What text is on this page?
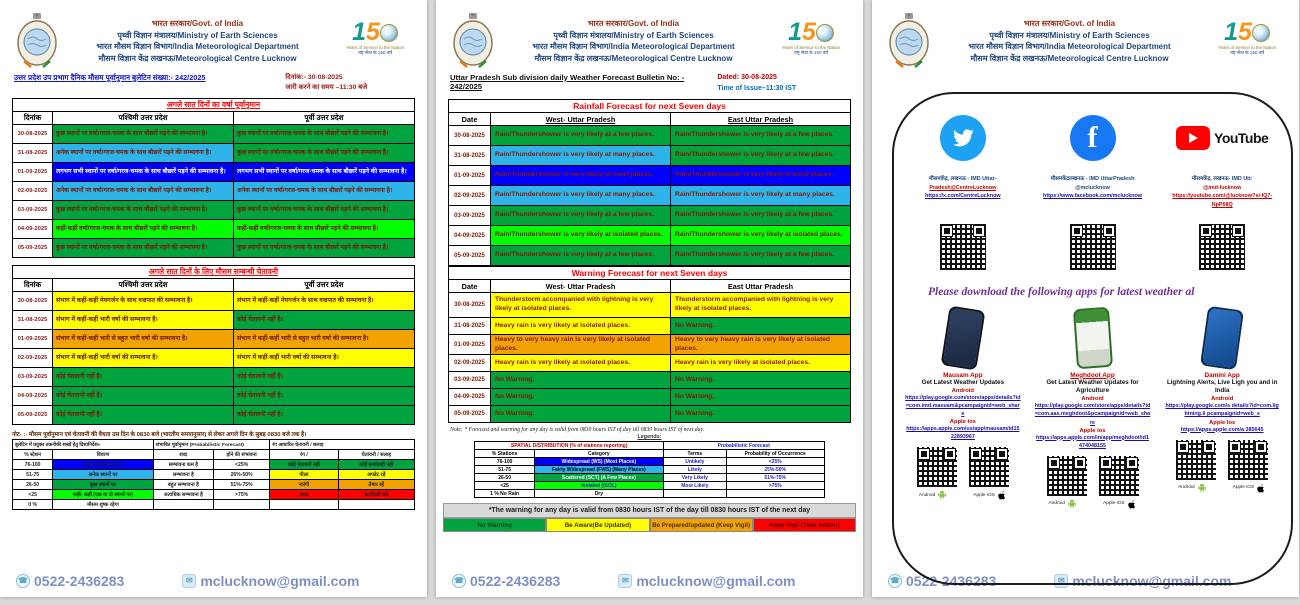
भारत सरकार/Govt. of India
पृथ्वी विज्ञान मंत्रालय/Ministry of Earth Sciences
भारत मौसम विज्ञान विभाग/India Meteorological Department
मौसम विज्ञान केंद्र लखनऊ/Meteorological Centre Lucknow
15
Years of Service to the Nation
राष्ट्र सेवा के 150 वर्ष
उत्तर प्रदेश उप प्रभाग दैनिक मौसम पूर्वानुमान बुलेटिन संख्या:- 242/2025	दिनांक:- 30-08-2025
जारी करने का समय –11:30 बजे
अगले सात दिनों का वर्षा पूर्वानुमान		
दिनांक	पश्चिमी उत्तर प्रदेश	पूर्वी उत्तर प्रदेश
30-08-2025	कुछ स्थानों पर वर्षा/गरज-चमक के साथ बौछारें पड़ने की सम्भावना है।	कुछ स्थानों पर वर्षा/गरज-चमक के साथ बौछारें पड़ने की सम्भावना है।
31-08-2025	अनेक स्थानों पर वर्षा/गरज-चमक के साथ बौछारें पड़ने की सम्भावना है।	कुछ स्थानों पर वर्षा/गरज-चमक के साथ बौछारें पड़ने की सम्भावना है।
01-09-2025	लगभग सभी स्थानों पर वर्षा/गरज-चमक के साथ बौछारें पड़ने की सम्भावना है।	लगभग सभी स्थानों पर वर्षा/गरज-चमक के साथ बौछारें पड़ने की सम्भावना है।
02-09-2025	अनेक स्थानों पर वर्षा/गरज-चमक के साथ बौछारें पड़ने की सम्भावना है।	अनेक स्थानों पर वर्षा/गरज-चमक के साथ बौछारें पड़ने की सम्भावना है।
03-09-2025	कुछ स्थानों पर वर्षा/गरज-चमक के साथ बौछारें पड़ने की सम्भावना है।	कुछ स्थानों पर वर्षा/गरज-चमक के साथ बौछारें पड़ने की सम्भावना है।
04-09-2025	कहीं-कहीं वर्षा/गरज-चमक के साथ बौछारें पड़ने की सम्भावना है।	कहीं-कहीं वर्षा/गरज-चमक के साथ बौछारें पड़ने की सम्भावना है।
05-09-2025	कुछ स्थानों पर वर्षा/गरज-चमक के साथ बौछारें पड़ने की सम्भावना है।	कुछ स्थानों पर वर्षा/गरज-चमक के साथ बौछारें पड़ने की सम्भावना है।
अगले सात दिनों के लिए मौसम सम्बन्धी चेतावनी		
दिनांक	पश्चिमी उत्तर प्रदेश	पूर्वी उत्तर प्रदेश
30-08-2025	संभाग में कहीं-कहीं मेघगर्जन के साथ वज्रपात की सम्भावना है।	संभाग में कहीं-कहीं मेघगर्जन के साथ वज्रपात की सम्भावना है।
31-08-2025	संभाग में कहीं-कहीं भारी वर्षा की सम्भावना है।	कोई चेतावनी नहीं है।
01-09-2025	संभाग में कहीं-कहीं भारी से बहुत भारी वर्षा की सम्भावना है।	संभाग में कहीं-कहीं भारी से बहुत भारी वर्षा की सम्भावना है।
02-09-2025	संभाग में कहीं-कहीं भारी वर्षा की सम्भावना है।	संभाग में कहीं-कहीं भारी वर्षा की सम्भावना है।
03-09-2025	कोई चेतावनी नहीं है।	कोई चेतावनी नहीं है।
04-09-2025	कोई चेतावनी नहीं है।	कोई चेतावनी नहीं है।
05-09-2025	कोई चेतावनी नहीं है।	कोई चेतावनी नहीं है।
नोट- :- मौसम पूर्वानुमान एवं चेतावनी की वैधता उस दिन के 0830 बजे (भारतीय समयानुसार) से लेकर अगले दिन के सुबह 0830 बजे तक है।
बुलेटिन में प्रयुक्त तकनीकी शब्दों हेतु दिशानिर्देश»		संभावित पूर्वानुमान (Probabilistic Forecast)		रंग आधारित चेतावनी / सलाह	
% स्टेशन	विवरण	शब्द	होने की संभावना	रंग /	चेतावनी / सलाह
76-100	लगभग सभी स्थानों पर	सम्भावना कम है	<25%	कोई चेतावनी नहीं	कोई कार्यवाही नहीं
51-75	अनेक स्थानों पर	सम्भावना है	26%-50%	पीला	अपडेट रहें
26-50	कुछ स्थानों पर	बहुत सम्भावना है	51%-75%	नारंगी	तैयार रहें
<25	कहीं- कहीं (एक या दो स्थानों पर)	अत्यधिक सम्भावना है	>75%	लाल	कार्यवाही करें
0 %	मौसम शुष्क रहेगा				
☎ 0522-2436283	✉ mclucknow@gmail.com
भारत सरकार/Govt. of India
पृथ्वी विज्ञान मंत्रालय/Ministry of Earth Sciences
भारत मौसम विज्ञान विभाग/India Meteorological Department
मौसम विज्ञान केंद्र लखनऊ/Meteorological Centre Lucknow
15
Years of Service to the Nation
राष्ट्र सेवा के 150 वर्ष
Uttar Pradesh Sub division daily Weather Forecast Bulletin No: - 242/2025
Dated: 30-08-2025
Time of Issue–11:30 IST
Rainfall Forecast for next Seven days		
Date	West- Uttar Pradesh	East Uttar Pradesh
30-08-2025	Rain/Thundershower is very likely at a few places.	Rain/Thundershower is very likely at a few places.
31-08-2025	Rain/Thundershower is very likely at many places.	Rain/Thundershower is very likely at a few places.
01-09-2025	Rain/Thundershower is very likely at most places.	Rain/Thundershower is very likely at most places.
02-09-2025	Rain/Thundershower is very likely at many places.	Rain/Thundershower is very likely at many places.
03-09-2025	Rain/Thundershower is very likely at a few places.	Rain/Thundershower is very likely at a few places.
04-09-2025	Rain/Thundershower is very likely at isolated places.	Rain/Thundershower is very likely at isolated places.
05-09-2025	Rain/Thundershower is very likely at a few places.	Rain/Thundershower is very likely at a few places.
Warning Forecast for next Seven days		
Date	West- Uttar Pradesh	East Uttar Pradesh
30-08-2025	Thunderstorm accompanied with lightning is very likely at isolated places.	Thunderstorm accompanied with lightning is very likely at isolated places.
31-08-2025	Heavy rain is very likely at isolated places.	No Warning.
01-09-2025	Heavy to very heavy rain is very likely at isolated places.	Heavy to very heavy rain is very likely at isolated places.
02-09-2025	Heavy rain is very likely at isolated places.	Heavy rain is very likely at isolated places.
03-09-2025	No Warning.	No Warning.
04-09-2025	No Warning.	No Warning.
05-09-2025	No Warning.	No Warning.
Note: * Forecast and warning for any day is valid from 0830 hours IST of day till 0830 hours IST of next day.
Legends:
SPATIAL DISTRIBUTION (% of stations reporting)		Probabilistic Forecast	
% Stations	Category	Terms	Probability of Occurrence
76-100	Widespread (WS) (Most Places)	Unlikely	<25%
51-75	Fairly Widespread (FWS) (Many Places)	Likely	25%-50%
26-50	Scattered (SCT) (A Few Places)	Very Likely	51%-75%
<25	Isolated (ISOL)	Most Likely	>75%
1 % No Rain	Dry		
*The warning for any day is valid from 0830 hours IST of the day till 0830 hours IST of the next day
No Warning	Be Aware(Be Updated)	Be Prepared/updated (Keep Vigil)	Keep Vigil (Take Action)
☎ 0522-2436283	✉ mclucknow@gmail.com
भारत सरकार/Govt. of India
पृथ्वी विज्ञान मंत्रालय/Ministry of Earth Sciences
भारत मौसम विज्ञान विभाग/India Meteorological Department
मौसम विज्ञान केंद्र लखनऊ/Meteorological Centre Lucknow
15
Years of Service to the Nation
राष्ट्र सेवा के 150 वर्ष
☎ 0522-2436283	✉ mclucknow@gmail.com
f	YouTube
मौसमकेंद्र, लखनऊ - IMD Uttar-
Pradesh@CentreLucknow
https://x.com/CentreLucknow
मौसमकेंद्रलखनऊ - IMD UttarPradesh
@mclucknow
https://www.facebook.com/mclucknow
मौसमकेंद्र, लखनऊ- IMD Utt:
@imd-lucknow
https://youtube.com/@lucknow?si-IQ7-NpP68Q
Please download the following apps for latest weather al
Mausam App
Get Latest Weather Updates
Android
https://play.google.com/store/apps/details?id=com.imd.masuam&pcampaignid=web_share
Apple Ios
https://apps.apple.com/us/app/mausam/id1522893967
Android	Apple iOS
Meghdoot App
Get Latest Weather Updates for Agriculture
Android
https://play.google.com/store/apps/details?id=com.aas.meghdoot&pcampaignid=web_share
Apple Ios
https://apps.apple.com/in/app/meghdoot/id1474048155
Android	Apple iOS
Damini App
Lightning Alerts, Live Ligh you and in India
Android
https://play.google.com/s details?id=com.lightning.li pcampaignid=web_s
Apple Ios
https://apps.apple.com/a 385645
Android	Apple iOS
